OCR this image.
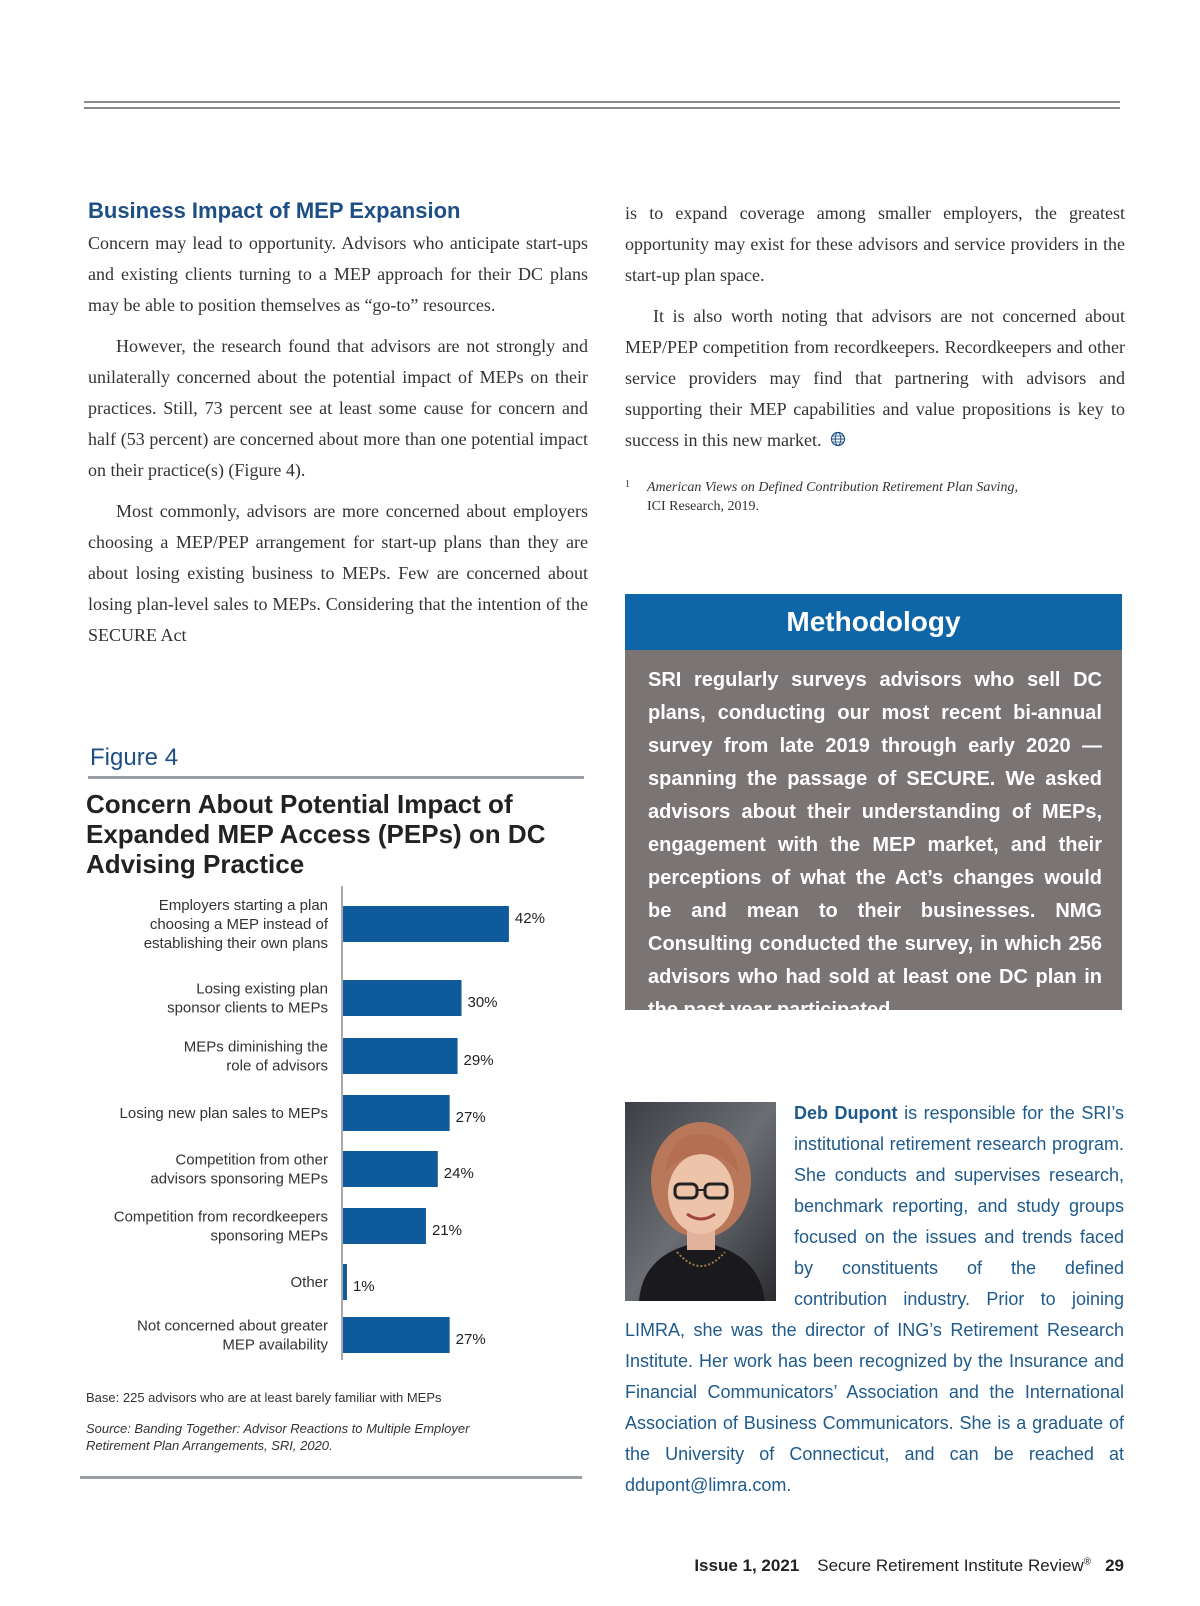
Business Impact of MEP Expansion

Concern may lead to opportunity. Advisors who anticipate start-ups and existing clients turning to a MEP approach for their DC plans may be able to position themselves as “go-to” resources.

However, the research found that advisors are not strongly and unilaterally concerned about the potential impact of MEPs on their practices. Still, 73 percent see at least some cause for concern and half (53 percent) are concerned about more than one potential impact on their practice(s) (Figure 4).

Most commonly, advisors are more concerned about employers choosing a MEP/PEP arrangement for start-up plans than they are about losing existing business to MEPs. Few are concerned about losing plan-level sales to MEPs. Considering that the intention of the SECURE Act

is to expand coverage among smaller employers, the greatest opportunity may exist for these advisors and service providers in the start-up plan space.

It is also worth noting that advisors are not concerned about MEP/PEP competition from recordkeepers. Recordkeepers and other service providers may find that partnering with advisors and supporting their MEP capabilities and value propositions is key to success in this new market.

1 American Views on Defined Contribution Retirement Plan Saving,
ICI Research, 2019.
Figure 4
Concern About Potential Impact of Expanded MEP Access (PEPs) on DC Advising Practice
42%
Employers starting a plan
choosing a MEP instead of
establishing their own plans
30%
Losing existing plan
sponsor clients to MEPs
29%
MEPs diminishing the
role of advisors
27%
Losing new plan sales to MEPs
24%
Competition from other
advisors sponsoring MEPs
21%
Competition from recordkeepers
sponsoring MEPs
1%
Other
27%
Not concerned about greater
MEP availability
Base: 225 advisors who are at least barely familiar with MEPs
Source: Banding Together: Advisor Reactions to Multiple Employer Retirement Plan Arrangements, SRI, 2020.
Methodology
SRI regularly surveys advisors who sell DC plans, conducting our most recent bi-annual survey from late 2019 through early 2020 — spanning the passage of SECURE. We asked advisors about their understanding of MEPs, engagement with the MEP market, and their perceptions of what the Act’s changes would be and mean to their businesses. NMG Consulting conducted the survey, in which 256 advisors who had sold at least one DC plan in the past year participated.
Deb Dupont is responsible for the SRI’s institutional retirement research program. She conducts and supervises research, benchmark reporting, and study groups focused on the issues and trends faced by constituents of the defined contribution industry. Prior to joining LIMRA, she was the director of ING’s Retirement Research Institute. Her work has been recognized by the Insurance and Financial Communicators’ Association and the International Association of Business Communicators. She is a graduate of the University of Connecticut, and can be reached at ddupont@limra.com.
Issue 1, 2021 Secure Retirement Institute Review® 29
